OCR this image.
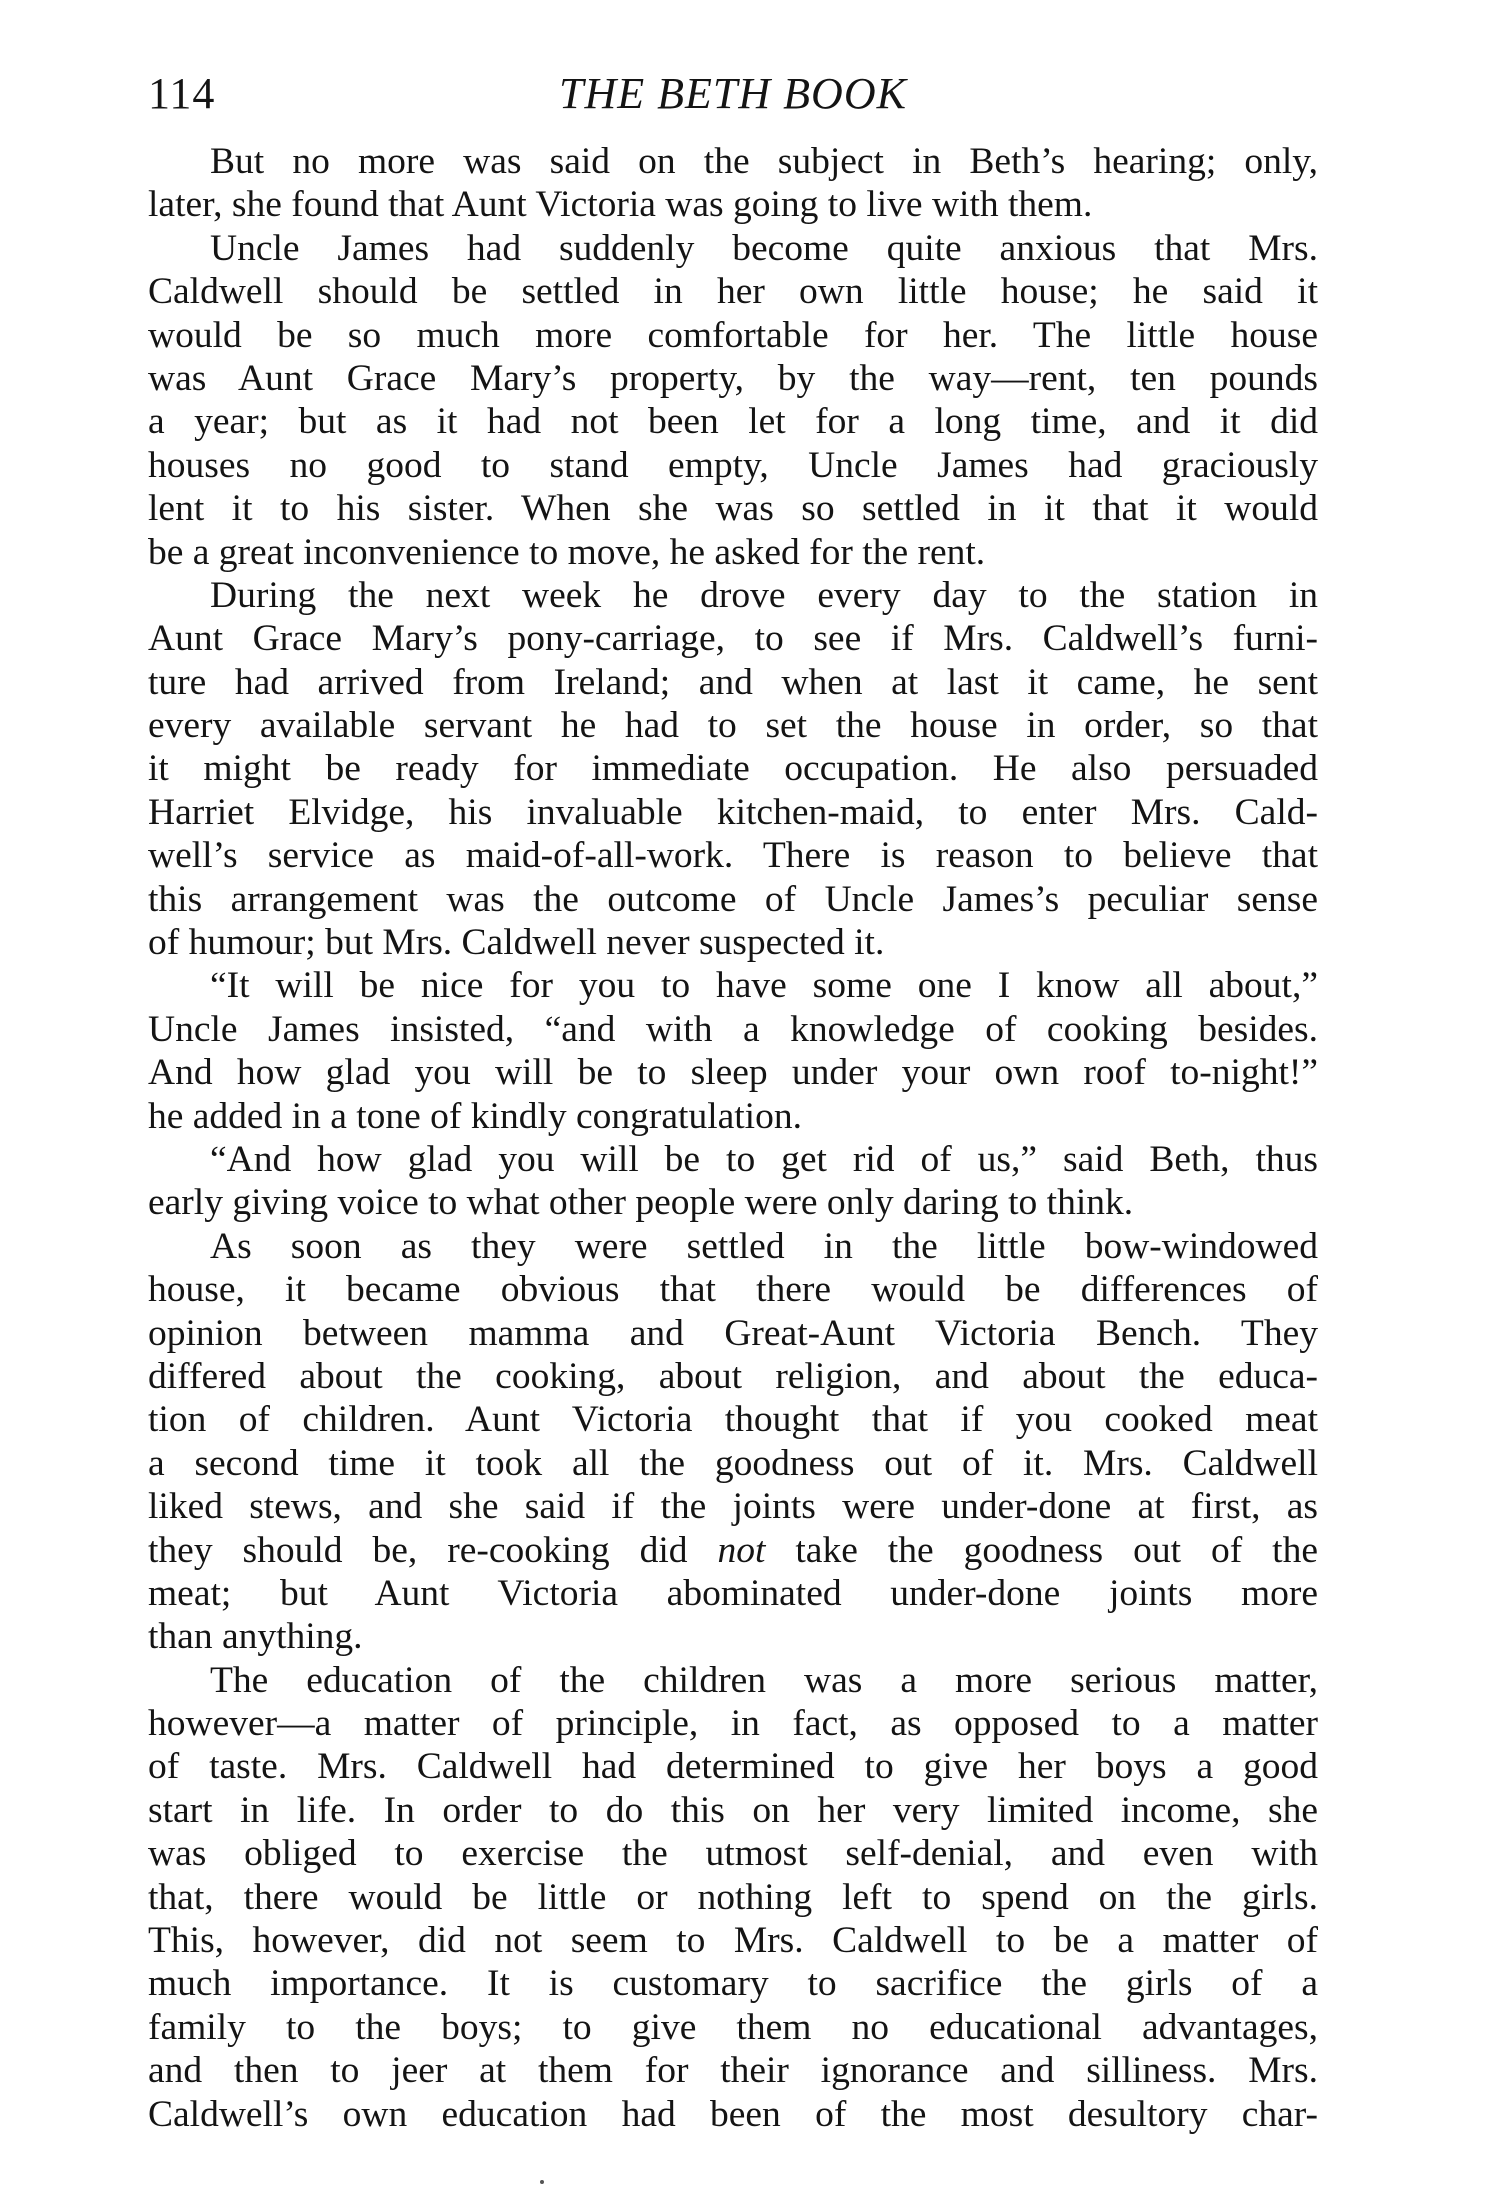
114	THE BETH BOOK
But no more was said on the subject in Beth’s hearing; only,
later, she found that Aunt Victoria was going to live with them.
Uncle James had suddenly become quite anxious that Mrs.
Caldwell should be settled in her own little house; he said it
would be so much more comfortable for her. The little house
was Aunt Grace Mary’s property, by the way—rent, ten pounds
a year; but as it had not been let for a long time, and it did
houses no good to stand empty, Uncle James had graciously
lent it to his sister. When she was so settled in it that it would
be a great inconvenience to move, he asked for the rent.
During the next week he drove every day to the station in
Aunt Grace Mary’s pony-carriage, to see if Mrs. Caldwell’s furni-
ture had arrived from Ireland; and when at last it came, he sent
every available servant he had to set the house in order, so that
it might be ready for immediate occupation. He also persuaded
Harriet Elvidge, his invaluable kitchen-maid, to enter Mrs. Cald-
well’s service as maid-of-all-work. There is reason to believe that
this arrangement was the outcome of Uncle James’s peculiar sense
of humour; but Mrs. Caldwell never suspected it.
“It will be nice for you to have some one I know all about,”
Uncle James insisted, “and with a knowledge of cooking besides.
And how glad you will be to sleep under your own roof to-night!”
he added in a tone of kindly congratulation.
“And how glad you will be to get rid of us,” said Beth, thus
early giving voice to what other people were only daring to think.
As soon as they were settled in the little bow-windowed
house, it became obvious that there would be differences of
opinion between mamma and Great-Aunt Victoria Bench. They
differed about the cooking, about religion, and about the educa-
tion of children. Aunt Victoria thought that if you cooked meat
a second time it took all the goodness out of it. Mrs. Caldwell
liked stews, and she said if the joints were under-done at first, as
they should be, re-cooking did not take the goodness out of the
meat; but Aunt Victoria abominated under-done joints more
than anything.
The education of the children was a more serious matter,
however—a matter of principle, in fact, as opposed to a matter
of taste. Mrs. Caldwell had determined to give her boys a good
start in life. In order to do this on her very limited income, she
was obliged to exercise the utmost self-denial, and even with
that, there would be little or nothing left to spend on the girls.
This, however, did not seem to Mrs. Caldwell to be a matter of
much importance. It is customary to sacrifice the girls of a
family to the boys; to give them no educational advantages,
and then to jeer at them for their ignorance and silliness. Mrs.
Caldwell’s own education had been of the most desultory char-
